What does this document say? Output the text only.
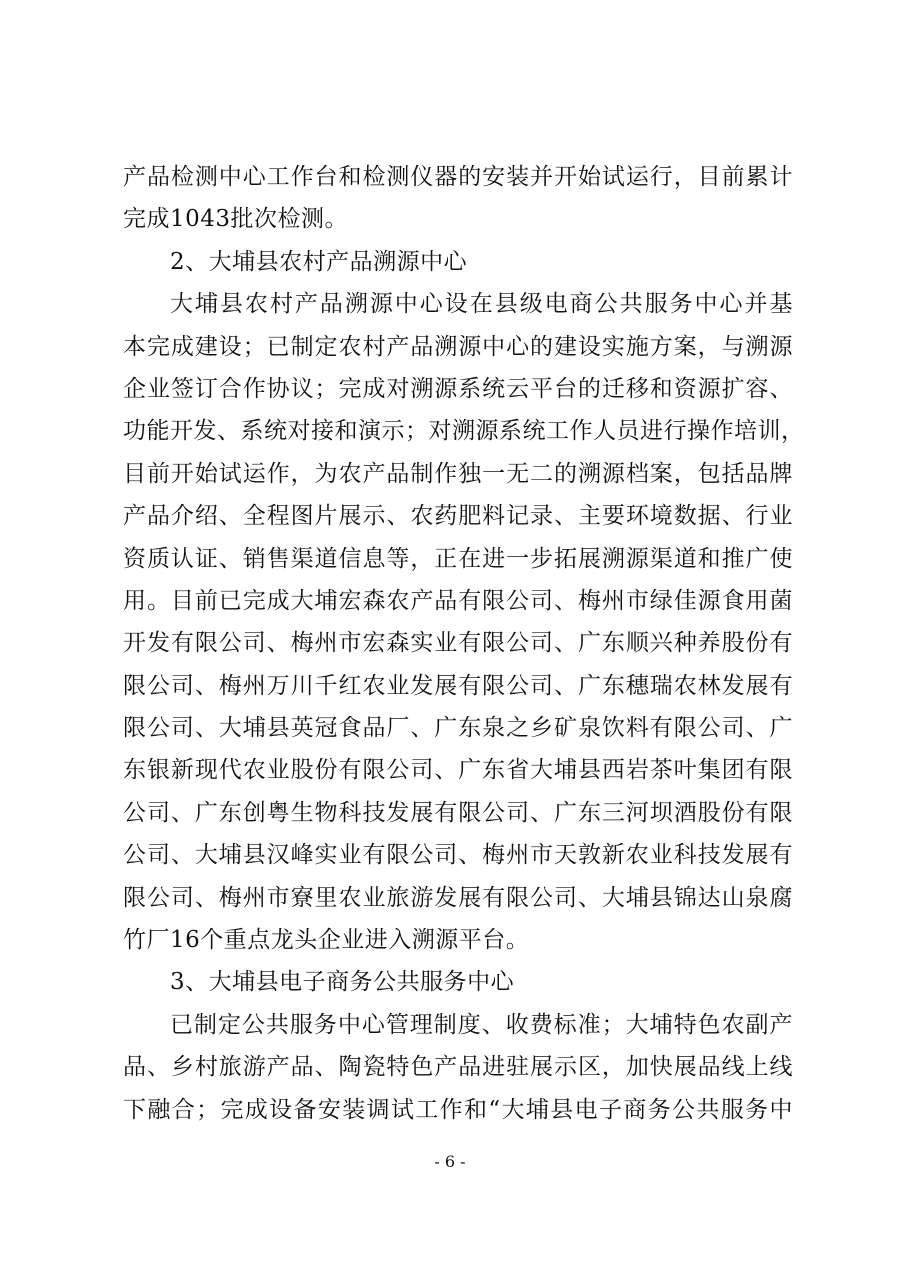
产品检测中心工作台和检测仪器的安装并开始试运行，目前累计
完成1043批次检测。
2、大埔县农村产品溯源中心
大埔县农村产品溯源中心设在县级电商公共服务中心并基
本完成建设；已制定农村产品溯源中心的建设实施方案，与溯源
企业签订合作协议；完成对溯源系统云平台的迁移和资源扩容、
功能开发、系统对接和演示；对溯源系统工作人员进行操作培训，
目前开始试运作，为农产品制作独一无二的溯源档案，包括品牌
产品介绍、全程图片展示、农药肥料记录、主要环境数据、行业
资质认证、销售渠道信息等，正在进一步拓展溯源渠道和推广使
用。目前已完成大埔宏森农产品有限公司、梅州市绿佳源食用菌
开发有限公司、梅州市宏森实业有限公司、广东顺兴种养股份有
限公司、梅州万川千红农业发展有限公司、广东穗瑞农林发展有
限公司、大埔县英冠食品厂、广东泉之乡矿泉饮料有限公司、广
东银新现代农业股份有限公司、广东省大埔县西岩茶叶集团有限
公司、广东创粤生物科技发展有限公司、广东三河坝酒股份有限
公司、大埔县汉峰实业有限公司、梅州市天敦新农业科技发展有
限公司、梅州市寮里农业旅游发展有限公司、大埔县锦达山泉腐
竹厂16个重点龙头企业进入溯源平台。
3、大埔县电子商务公共服务中心
已制定公共服务中心管理制度、收费标准；大埔特色农副产
品、乡村旅游产品、陶瓷特色产品进驻展示区，加快展品线上线
下融合；完成设备安装调试工作和“大埔县电子商务公共服务中
- 6 -
